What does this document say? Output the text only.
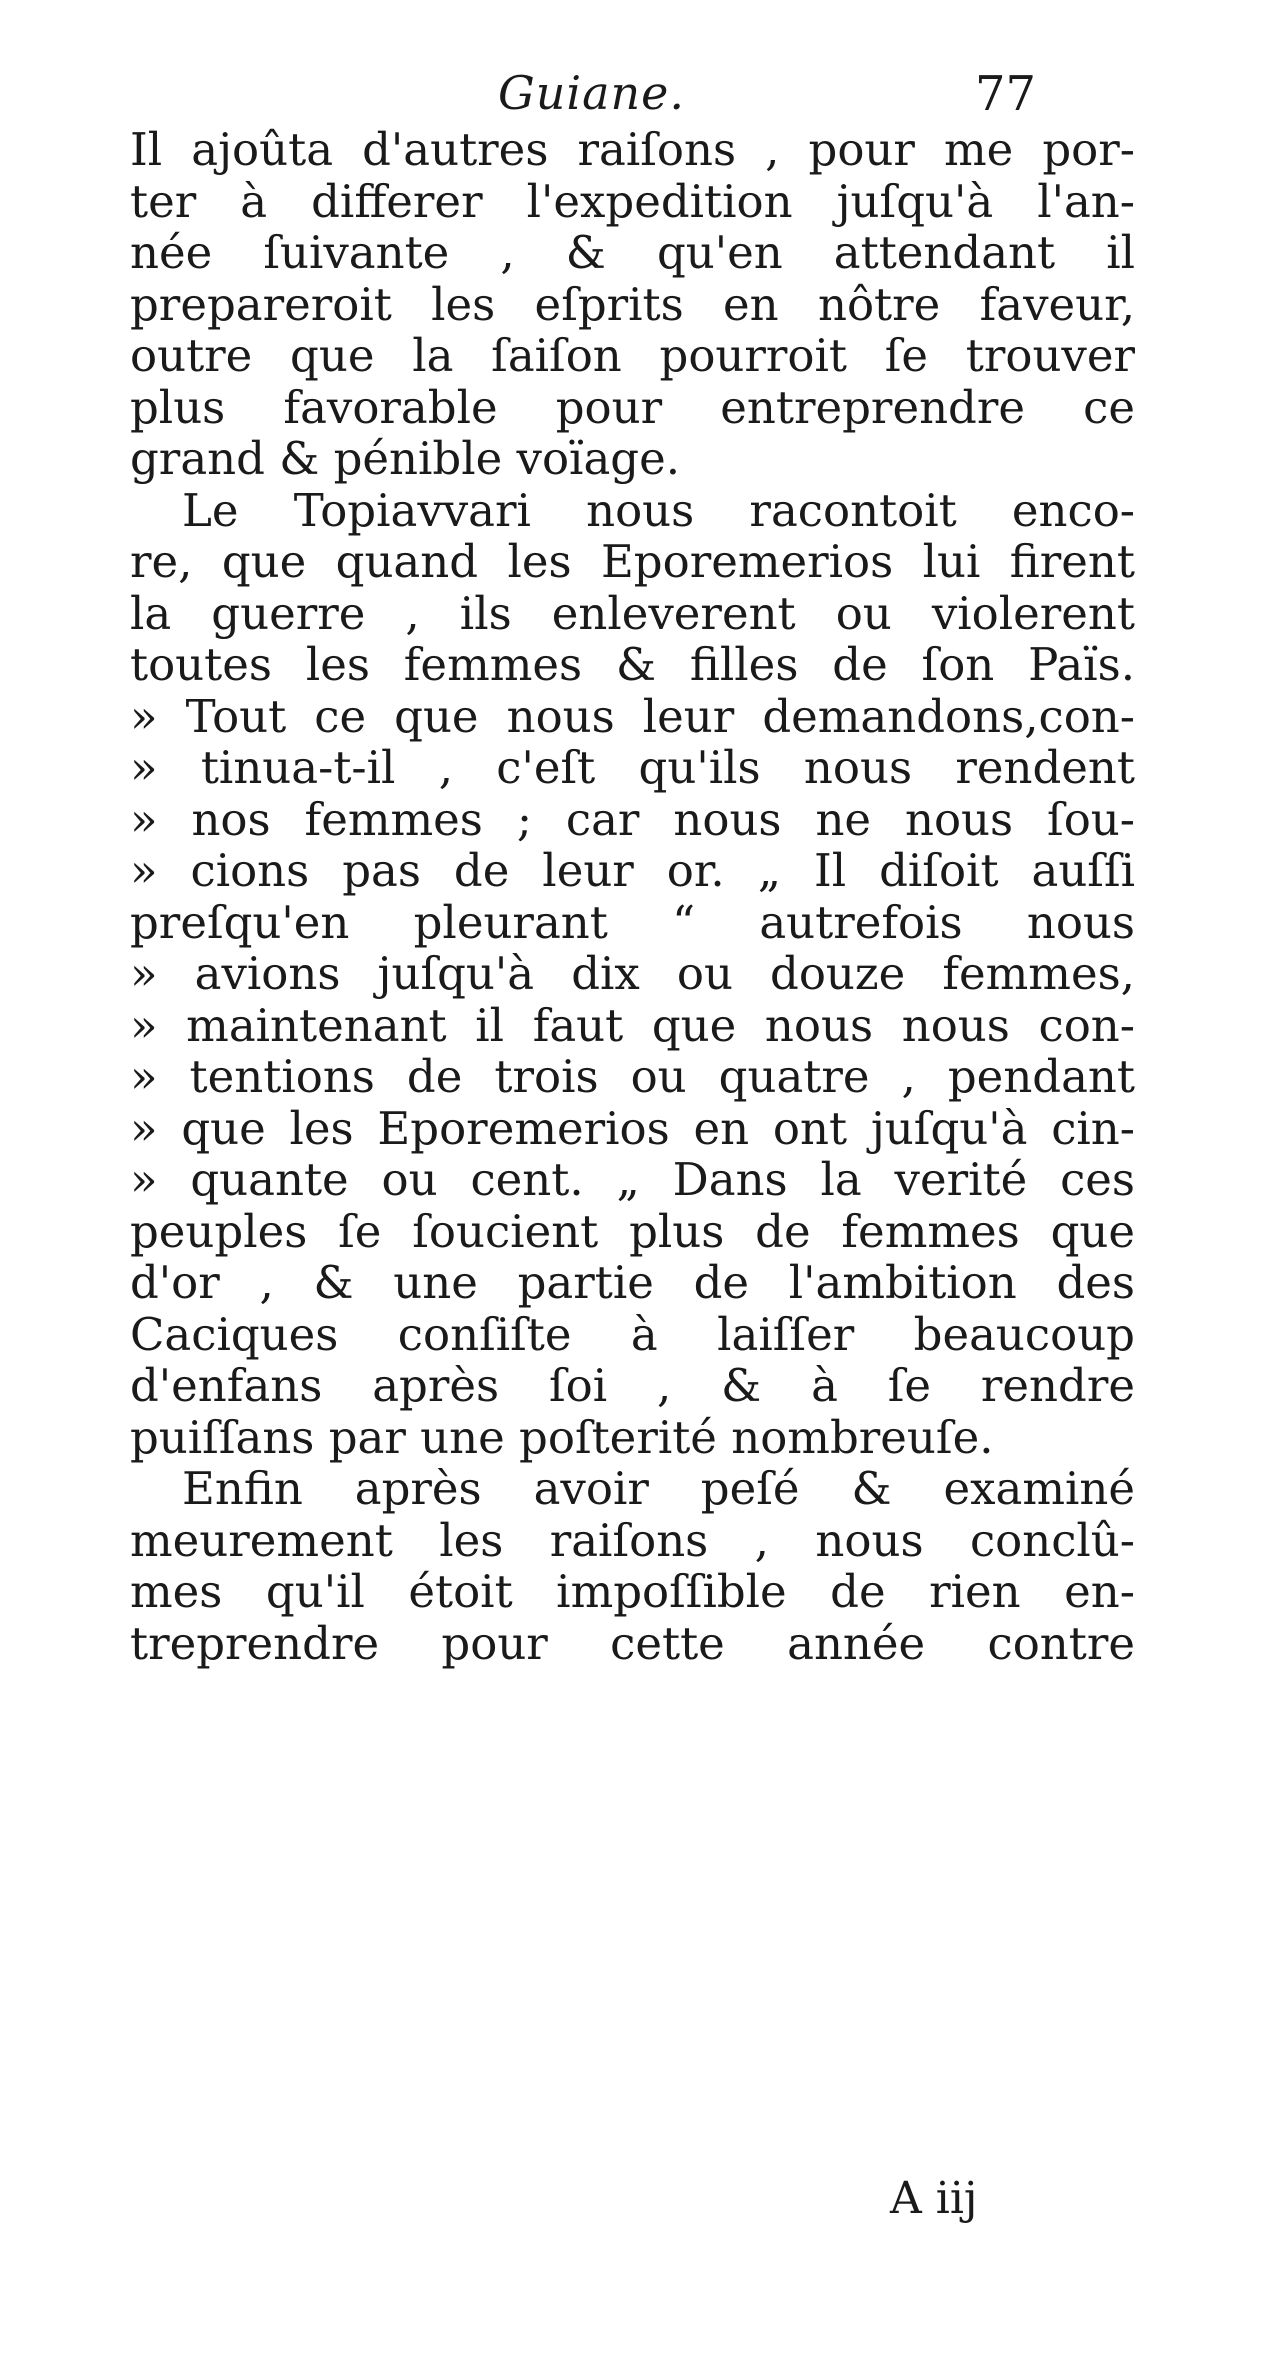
Guiane.	77
Il ajoûta d'autres raiſons , pour me por-
ter à differer l'expedition juſqu'à l'an-
née ſuivante , & qu'en attendant il
prepareroit les eſprits en nôtre faveur,
outre que la ſaiſon pourroit ſe trouver
plus favorable pour entreprendre ce
grand & pénible voïage.
Le Topiavvari nous racontoit enco-
re, que quand les Eporemerios lui firent
la guerre , ils enleverent ou violerent
toutes les femmes & filles de ſon Païs.
» Tout ce que nous leur demandons,con-
» tinua-t-il , c'eſt qu'ils nous rendent
» nos femmes ; car nous ne nous ſou-
» cions pas de leur or. „ Il diſoit auſſi
preſqu'en pleurant “ autrefois nous
» avions juſqu'à dix ou douze femmes,
» maintenant il faut que nous nous con-
» tentions de trois ou quatre , pendant
» que les Eporemerios en ont juſqu'à cin-
» quante ou cent. „ Dans la verité ces
peuples ſe ſoucient plus de femmes que
d'or , & une partie de l'ambition des
Caciques conſiſte à laiſſer beaucoup
d'enfans après ſoi , & à ſe rendre
puiſſans par une poſterité nombreuſe.
Enfin après avoir peſé & examiné
meurement les raiſons , nous conclû-
mes qu'il étoit impoſſible de rien en-
treprendre pour cette année contre
A iij
